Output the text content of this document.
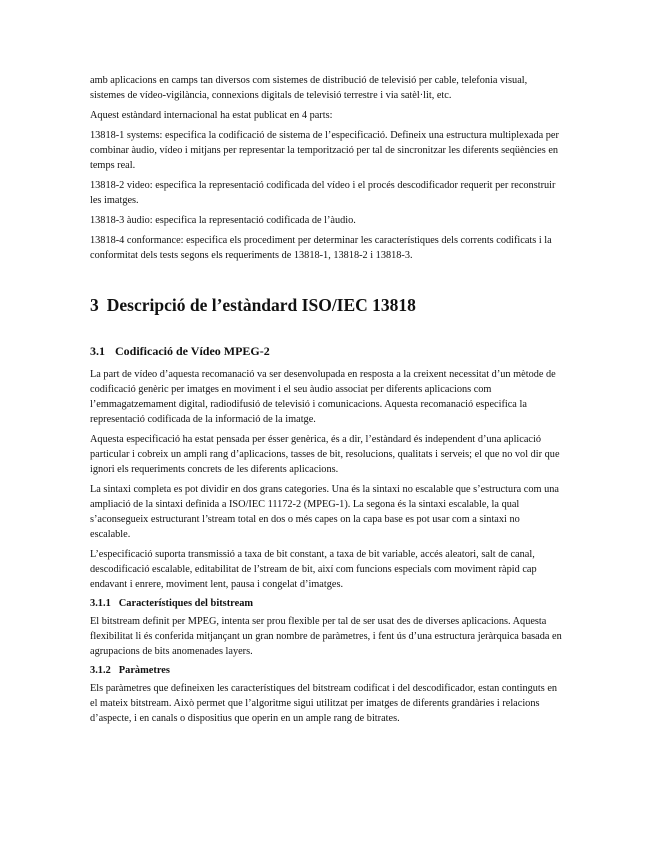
amb aplicacions en camps tan diversos com sistemes de distribució de televisió per cable, telefonia visual, sistemes de vídeo-vigilància, connexions digitals de televisió terrestre i via satèl·lit, etc.

Aquest estàndard internacional ha estat publicat en 4 parts:

13818-1 systems: especifica la codificació de sistema de l’especificació. Defineix una estructura multiplexada per combinar àudio, vídeo i mitjans per representar la temporització per tal de sincronitzar les diferents seqüències en temps real.

13818-2 video: especifica la representació codificada del vídeo i el procés descodificador requerit per reconstruir les imatges.

13818-3 àudio: especifica la representació codificada de l’àudio.

13818-4 conformance: especifica els procediment per determinar les característiques dels corrents codificats i la conformitat dels tests segons els requeriments de 13818-1, 13818-2 i 13818-3.

3 Descripció de l’estàndard ISO/IEC 13818
3.1 Codificació de Vídeo MPEG-2

La part de vídeo d’aquesta recomanació va ser desenvolupada en resposta a la creixent necessitat d’un mètode de codificació genèric per imatges en moviment i el seu àudio associat per diferents aplicacions com l’emmagatzemament digital, radiodifusió de televisió i comunicacions. Aquesta recomanació especifica la representació codificada de la informació de la imatge.

Aquesta especificació ha estat pensada per ésser genèrica, és a dir, l’estàndard és independent d’una aplicació particular i cobreix un ampli rang d’aplicacions, tasses de bit, resolucions, qualitats i serveis; el que no vol dir que ignori els requeriments concrets de les diferents aplicacions.

La sintaxi completa es pot dividir en dos grans categories. Una és la sintaxi no escalable que s’estructura com una ampliació de la sintaxi definida a ISO/IEC 11172-2 (MPEG-1). La segona és la sintaxi escalable, la qual s’aconsegueix estructurant l’stream total en dos o més capes on la capa base es pot usar com a sintaxi no escalable.

L’especificació suporta transmissió a taxa de bit constant, a taxa de bit variable, accés aleatori, salt de canal, descodificació escalable, editabilitat de l’stream de bit, així com funcions especials com moviment ràpid cap endavant i enrere, moviment lent, pausa i congelat d’imatges.

3.1.1 Característiques del bitstream

El bitstream definit per MPEG, intenta ser prou flexible per tal de ser usat des de diverses aplicacions. Aquesta flexibilitat li és conferida mitjançant un gran nombre de paràmetres, i fent ús d’una estructura jeràrquica basada en agrupacions de bits anomenades layers.

3.1.2 Paràmetres

Els paràmetres que defineixen les característiques del bitstream codificat i del descodificador, estan continguts en el mateix bitstream. Això permet que l’algoritme sigui utilitzat per imatges de diferents grandàries i relacions d’aspecte, i en canals o dispositius que operin en un ample rang de bitrates.
